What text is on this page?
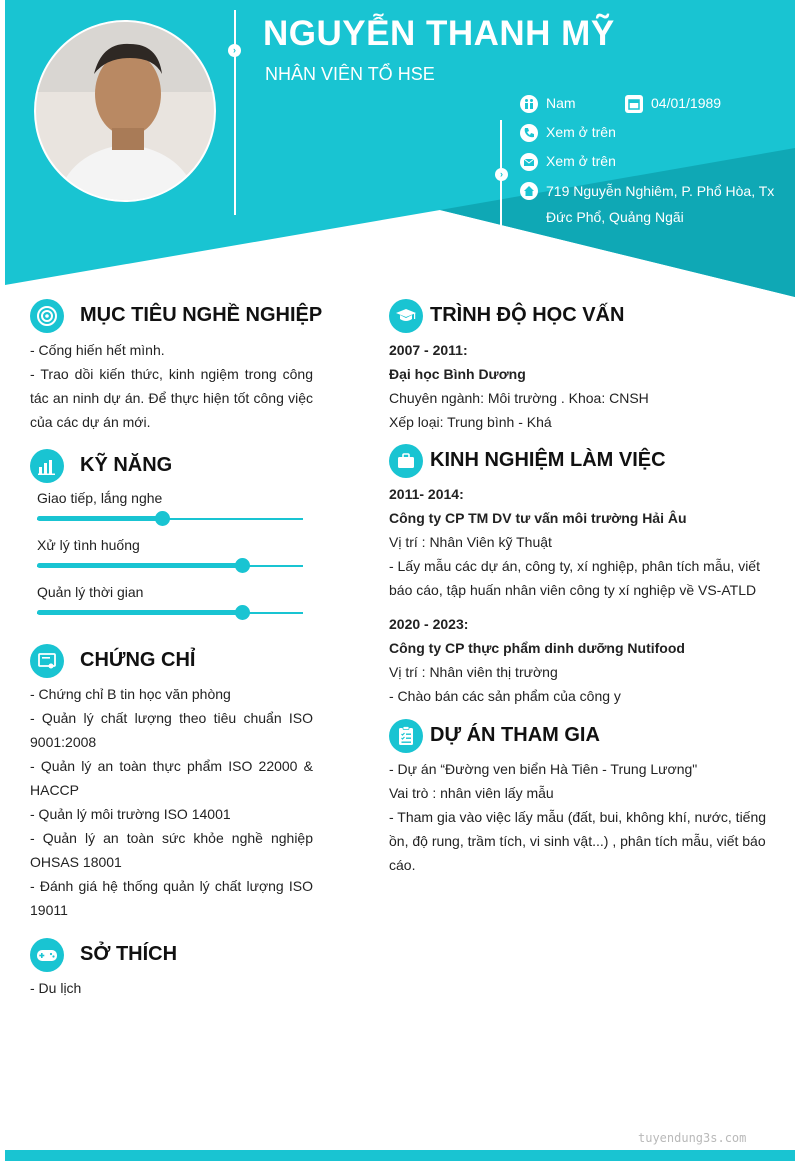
› NGUYỄN THANH MỸ
NHÂN VIÊN TỔ HSE
Nam	04/01/1989
›
Xem ở trên
Xem ở trên
719 Nguyễn Nghiêm, P. Phổ Hòa, Tx Đức Phổ, Quảng Ngãi
MỤC TIÊU NGHỀ NGHIỆP
- Cống hiến hết mình.
- Trao dồi kiến thức, kinh ngiệm trong công tác an ninh dự án. Để thực hiện tốt công việc của các dự án mới.
KỸ NĂNG
Giao tiếp, lắng nghe
Xử lý tình huống
Quản lý thời gian
CHỨNG CHỈ
- Chứng chỉ B tin học văn phòng
- Quản lý chất lượng theo tiêu chuẩn ISO 9001:2008
- Quản lý an toàn thực phẩm ISO 22000 & HACCP
- Quản lý môi trường ISO 14001
- Quản lý an toàn sức khỏe nghề nghiệp OHSAS 18001
- Đánh giá hệ thống quản lý chất lượng ISO 19011
SỞ THÍCH
- Du lịch
TRÌNH ĐỘ HỌC VẤN
2007 - 2011:
Đại học Bình Dương
Chuyên ngành: Môi trường . Khoa: CNSH
Xếp loại: Trung bình - Khá
KINH NGHIỆM LÀM VIỆC
2011- 2014:
Công ty CP TM DV tư vấn môi trường Hải Âu
Vị trí : Nhân Viên kỹ Thuật
- Lấy mẫu các dự án, công ty, xí nghiệp, phân tích mẫu, viết báo cáo, tập huấn nhân viên công ty xí nghiệp về VS-ATLD
2020 - 2023:
Công ty CP thực phẩm dinh dưỡng Nutifood
Vị trí : Nhân viên thị trường
- Chào bán các sản phẩm của công y
DỰ ÁN THAM GIA
- Dự án “Đường ven biển Hà Tiên - Trung Lương"
Vai trò : nhân viên lấy mẫu
- Tham gia vào việc lấy mẫu (đất, bui, không khí, nước, tiếng ồn, độ rung, trầm tích, vi sinh vật...) , phân tích mẫu, viết báo cáo.
tuyendung3s.com
